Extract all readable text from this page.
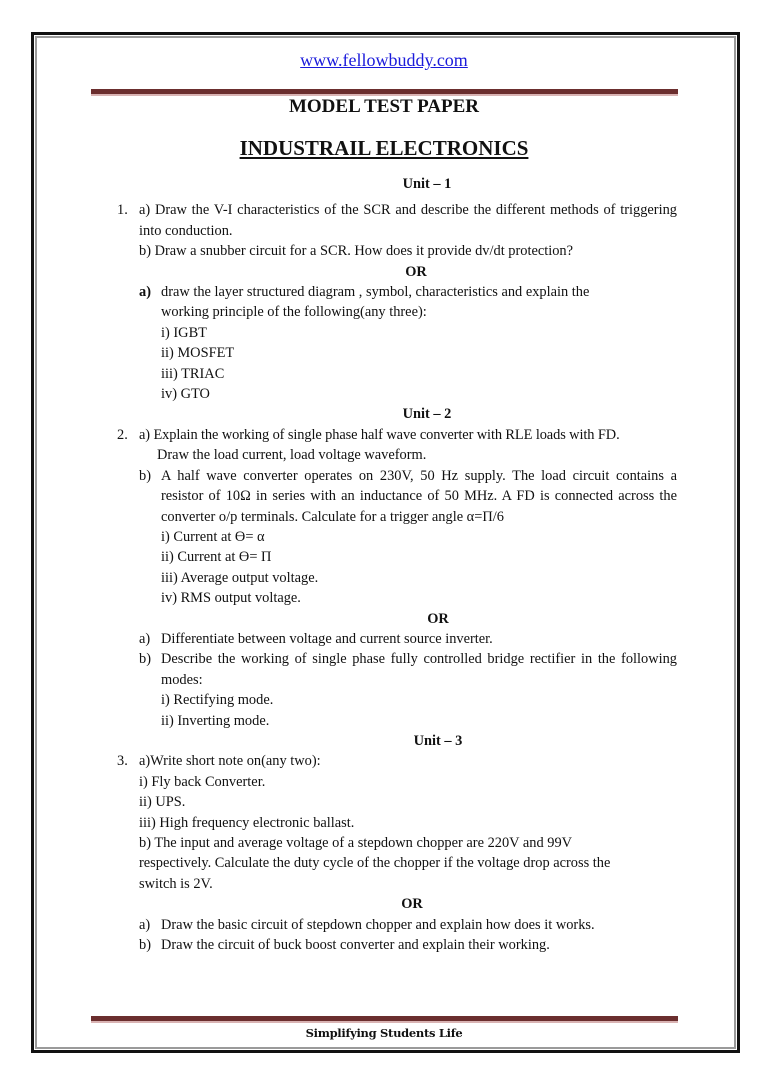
www.fellowbuddy.com
MODEL TEST PAPER
INDUSTRAIL ELECTRONICS
Unit – 1
1. a) Draw the V-I characteristics of the SCR and describe the different methods of triggering into conduction.
b) Draw a snubber circuit for a SCR. How does it provide dv/dt protection?
OR
a) draw the layer structured diagram , symbol, characteristics and explain the
working principle of the following(any three):
i) IGBT
ii) MOSFET
iii) TRIAC
iv) GTO
Unit – 2
2. a) Explain the working of single phase half wave converter with RLE loads with FD.
Draw the load current, load voltage waveform.
b) A half wave converter operates on 230V, 50 Hz supply. The load circuit contains a resistor of 10Ω in series with an inductance of 50 MHz. A FD is connected across the converter o/p terminals. Calculate for a trigger angle α=Π/6
i) Current at Ө= α
ii) Current at Ө= Π
iii) Average output voltage.
iv) RMS output voltage.
OR
a) Differentiate between voltage and current source inverter.
b) Describe the working of single phase fully controlled bridge rectifier in the following modes:
i) Rectifying mode.
ii) Inverting mode.
Unit – 3
3. a)Write short note on(any two):
i) Fly back Converter.
ii) UPS.
iii) High frequency electronic ballast.
b) The input and average voltage of a stepdown chopper are 220V and 99V
respectively. Calculate the duty cycle of the chopper if the voltage drop across the
switch is 2V.
OR
a) Draw the basic circuit of stepdown chopper and explain how does it works.
b) Draw the circuit of buck boost converter and explain their working.
Simplifying Students Life
